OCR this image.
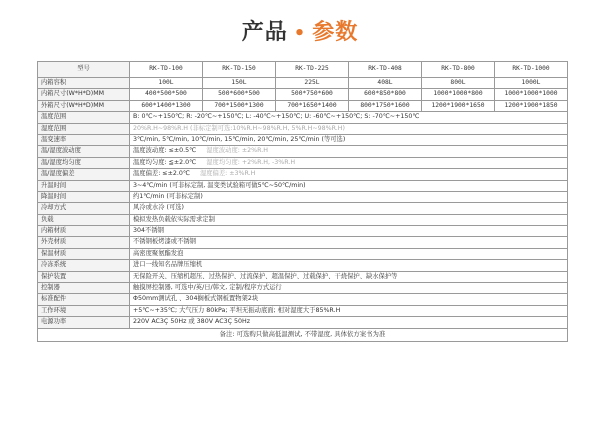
产品 • 参数
型号	RK-TD-100	RK-TD-150	RK-TD-225	RK-TD-408	RK-TD-800	RK-TD-1000
内箱容积	100L	150L	225L	408L	800L	1000L
内箱尺寸(W*H*D)MM	400*500*500	500*600*500	500*750*600	600*850*800	1000*1000*800	1000*1000*1000
外箱尺寸(W*H*D)MM	600*1400*1300	700*1500*1300	700*1650*1400	800*1750*1600	1200*1900*1650	1200*1900*1850
温度范围	B: 0℃~+150℃; R: -20℃~+150℃; L: -40℃~+150℃; U: -60℃~+150℃; S: -70℃~+150℃					
湿度范围	20%R.H~98%R.H (非标定制可选:10%R.H~98%R.H, 5%R.H~98%R.H)					
温变速率	3℃/min, 5℃/min, 10℃/min, 15℃/min, 20℃/min, 25℃/min (等可选)					
温/湿度波动度	温度波动度: ≤±0.5℃ 湿度波动度: ±2%R.H					
温/湿度均匀度	温度均匀度: ≦±2.0℃ 湿度均匀度: +2%R.H, -3%R.H					
温/湿度偏差	温度偏差: ≤±2.0℃ 湿度偏差: ±3%R.H					
升温时间	3~4℃/min (可非标定制, 温变类试验箱可做5℃~50℃/min)					
降温时间	约1℃/min (可非标定制)					
冷却方式	风冷或水冷 (可选)					
负载	模拟发热负载依实际需求定制					
内箱材质	304不锈钢					
外壳材质	不锈钢板烤漆或不锈钢					
保温材质	高密度聚氨酯发泡					
冷冻系统	进口一线知名品牌压缩机					
保护装置	无保险开关、压缩机超压、过热保护、过流保护、超温保护、过载保护、干烧保护、缺水保护等					
控制器	触摸屏控制器, 可选中/英/日/韩文, 定制/程序方式运行					
标准配件	Φ50mm测试孔 、304搁板式钢板置物架2块					
工作环境	+5℃~+35℃; 大气压力 80kPa; 平坦无振动底面; 相对湿度大于85%R.H					
电源功率	220V AC3Ç 50Hz 或 380V AC3Ç 50Hz					
备注: 可选购只做高低温测试, 不带湿度, 具体依方案书为准						
